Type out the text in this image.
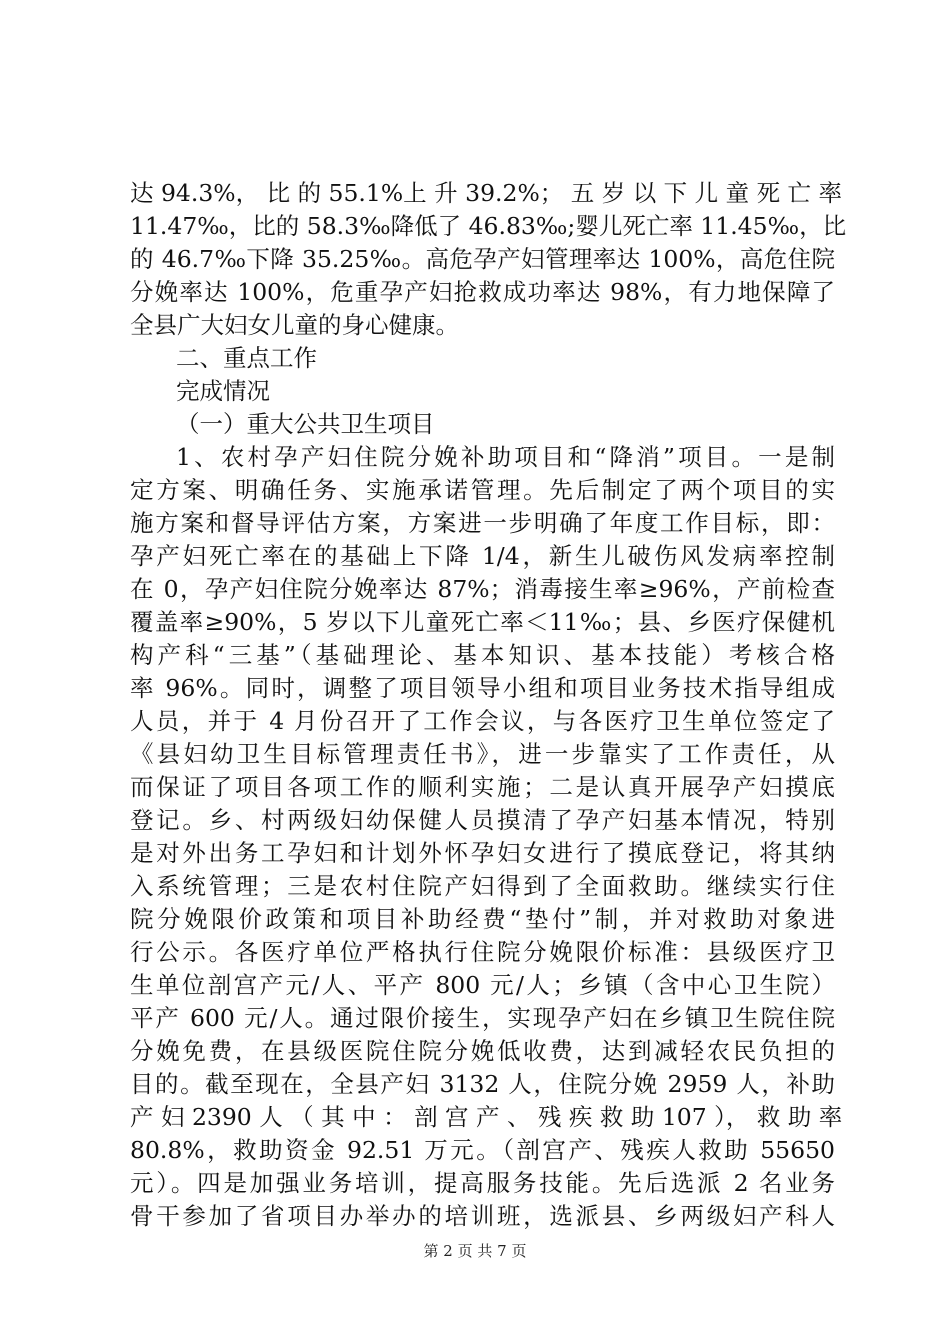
达 94.3%， 比 的 55.1%上 升 39.2%； 五 岁 以 下 儿 童 死 亡 率
11.47‰，比的 58.3‰降低了 46.83‰;婴儿死亡率 11.45‰，比
的 46.7‰下降 35.25‰。高危孕产妇管理率达 100%，高危住院
分娩率达 100%，危重孕产妇抢救成功率达 98%，有力地保障了
全县广大妇女儿童的身心健康。
二、重点工作
完成情况
（一）重大公共卫生项目
1、农村孕产妇住院分娩补助项目和“降消”项目。一是制
定方案、明确任务、实施承诺管理。先后制定了两个项目的实
施方案和督导评估方案，方案进一步明确了年度工作目标，即：
孕产妇死亡率在的基础上下降 1/4，新生儿破伤风发病率控制
在 0，孕产妇住院分娩率达 87%；消毒接生率≥96%，产前检查
覆盖率≥90%，5 岁以下儿童死亡率＜11‰；县、乡医疗保健机
构产科“三基”（基础理论、基本知识、基本技能）考核合格
率 96%。同时，调整了项目领导小组和项目业务技术指导组成
人员，并于 4 月份召开了工作会议，与各医疗卫生单位签定了
《县妇幼卫生目标管理责任书》，进一步靠实了工作责任，从
而保证了项目各项工作的顺利实施；二是认真开展孕产妇摸底
登记。乡、村两级妇幼保健人员摸清了孕产妇基本情况，特别
是对外出务工孕妇和计划外怀孕妇女进行了摸底登记，将其纳
入系统管理；三是农村住院产妇得到了全面救助。继续实行住
院分娩限价政策和项目补助经费“垫付”制，并对救助对象进
行公示。各医疗单位严格执行住院分娩限价标准：县级医疗卫
生单位剖宫产元/人、平产 800 元/人；乡镇（含中心卫生院）
平产 600 元/人。通过限价接生，实现孕产妇在乡镇卫生院住院
分娩免费，在县级医院住院分娩低收费，达到减轻农民负担的
目的。截至现在，全县产妇 3132 人，住院分娩 2959 人，补助
产 妇 2390 人 （ 其 中 ： 剖 宫 产 、 残 疾 救 助 107 ）， 救 助 率
80.8%，救助资金 92.51 万元。（剖宫产、残疾人救助 55650
元）。四是加强业务培训，提高服务技能。先后选派 2 名业务
骨干参加了省项目办举办的培训班，选派县、乡两级妇产科人
第 2 页 共 7 页
